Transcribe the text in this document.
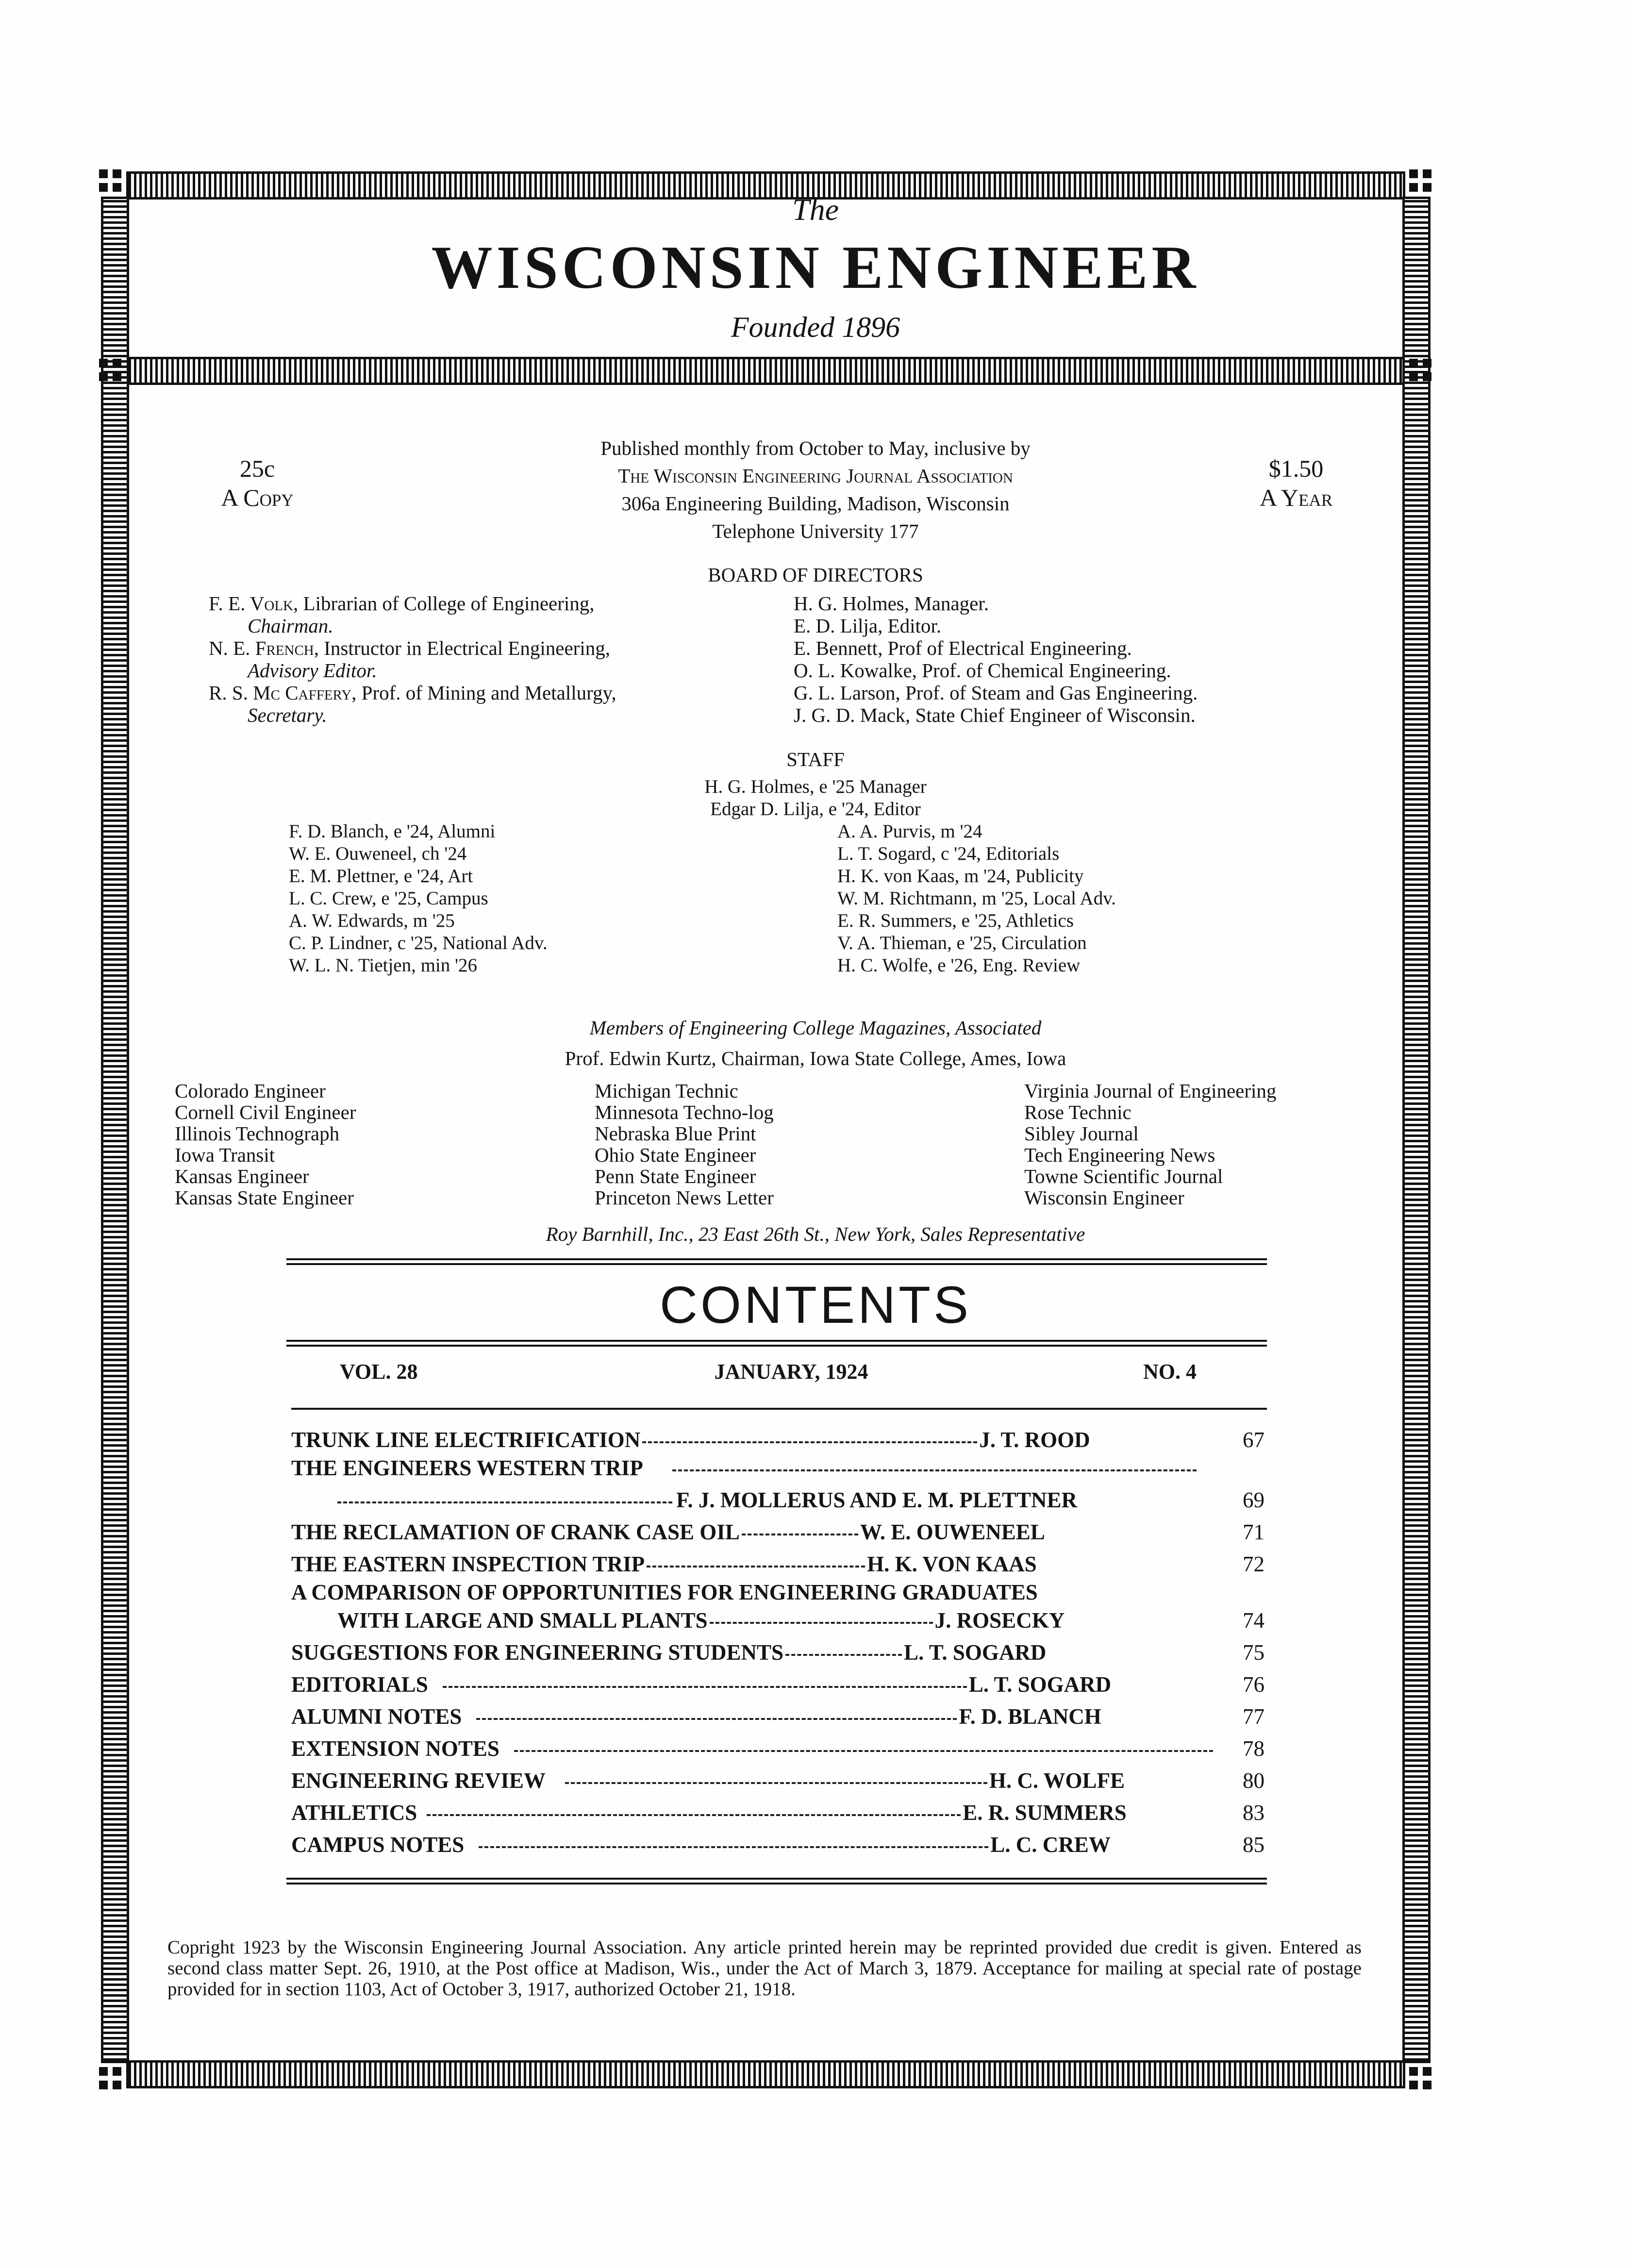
The
WISCONSIN ENGINEER
Founded 1896
25c
A Copy
$1.50
A Year
Published monthly from October to May, inclusive by
The Wisconsin Engineering Journal Association
306a Engineering Building, Madison, Wisconsin
Telephone University 177
BOARD OF DIRECTORS
F. E. Volk, Librarian of College of Engineering,
Chairman.
N. E. French, Instructor in Electrical Engineering,
Advisory Editor.
R. S. Mc Caffery, Prof. of Mining and Metallurgy,
Secretary.
H. G. Holmes, Manager.
E. D. Lilja, Editor.
E. Bennett, Prof of Electrical Engineering.
O. L. Kowalke, Prof. of Chemical Engineering.
G. L. Larson, Prof. of Steam and Gas Engineering.
J. G. D. Mack, State Chief Engineer of Wisconsin.
STAFF
H. G. Holmes, e '25 Manager
Edgar D. Lilja, e '24, Editor
F. D. Blanch, e '24, Alumni
W. E. Ouweneel, ch '24
E. M. Plettner, e '24, Art
L. C. Crew, e '25, Campus
A. W. Edwards, m '25
C. P. Lindner, c '25, National Adv.
W. L. N. Tietjen, min '26
A. A. Purvis, m '24
L. T. Sogard, c '24, Editorials
H. K. von Kaas, m '24, Publicity
W. M. Richtmann, m '25, Local Adv.
E. R. Summers, e '25, Athletics
V. A. Thieman, e '25, Circulation
H. C. Wolfe, e '26, Eng. Review
Members of Engineering College Magazines, Associated
Prof. Edwin Kurtz, Chairman, Iowa State College, Ames, Iowa
Colorado Engineer
Cornell Civil Engineer
Illinois Technograph
Iowa Transit
Kansas Engineer
Kansas State Engineer
Michigan Technic
Minnesota Techno-log
Nebraska Blue Print
Ohio State Engineer
Penn State Engineer
Princeton News Letter
Virginia Journal of Engineering
Rose Technic
Sibley Journal
Tech Engineering News
Towne Scientific Journal
Wisconsin Engineer
Roy Barnhill, Inc., 23 East 26th St., New York, Sales Representative
CONTENTS
VOL. 28	JANUARY, 1924	NO. 4
TRUNK LINE ELECTRIFICATION	J. T. ROOD	67
THE ENGINEERS WESTERN TRIP
F. J. MOLLERUS AND E. M. PLETTNER	69
THE RECLAMATION OF CRANK CASE OIL	W. E. OUWENEEL	71
THE EASTERN INSPECTION TRIP	H. K. VON KAAS	72
A COMPARISON OF OPPORTUNITIES FOR ENGINEERING GRADUATES
WITH LARGE AND SMALL PLANTS	J. ROSECKY	74
SUGGESTIONS FOR ENGINEERING STUDENTS	L. T. SOGARD	75
EDITORIALS	L. T. SOGARD	76
ALUMNI NOTES	F. D. BLANCH	77
EXTENSION NOTES	78
ENGINEERING REVIEW	H. C. WOLFE	80
ATHLETICS	E. R. SUMMERS	83
CAMPUS NOTES	L. C. CREW	85
Copright 1923 by the Wisconsin Engineering Journal Association. Any article printed herein may be reprinted provided due credit is given. Entered as second class matter Sept. 26, 1910, at the Post office at Madison, Wis., under the Act of March 3, 1879. Acceptance for mailing at special rate of postage provided for in section 1103, Act of October 3, 1917, authorized October 21, 1918.
